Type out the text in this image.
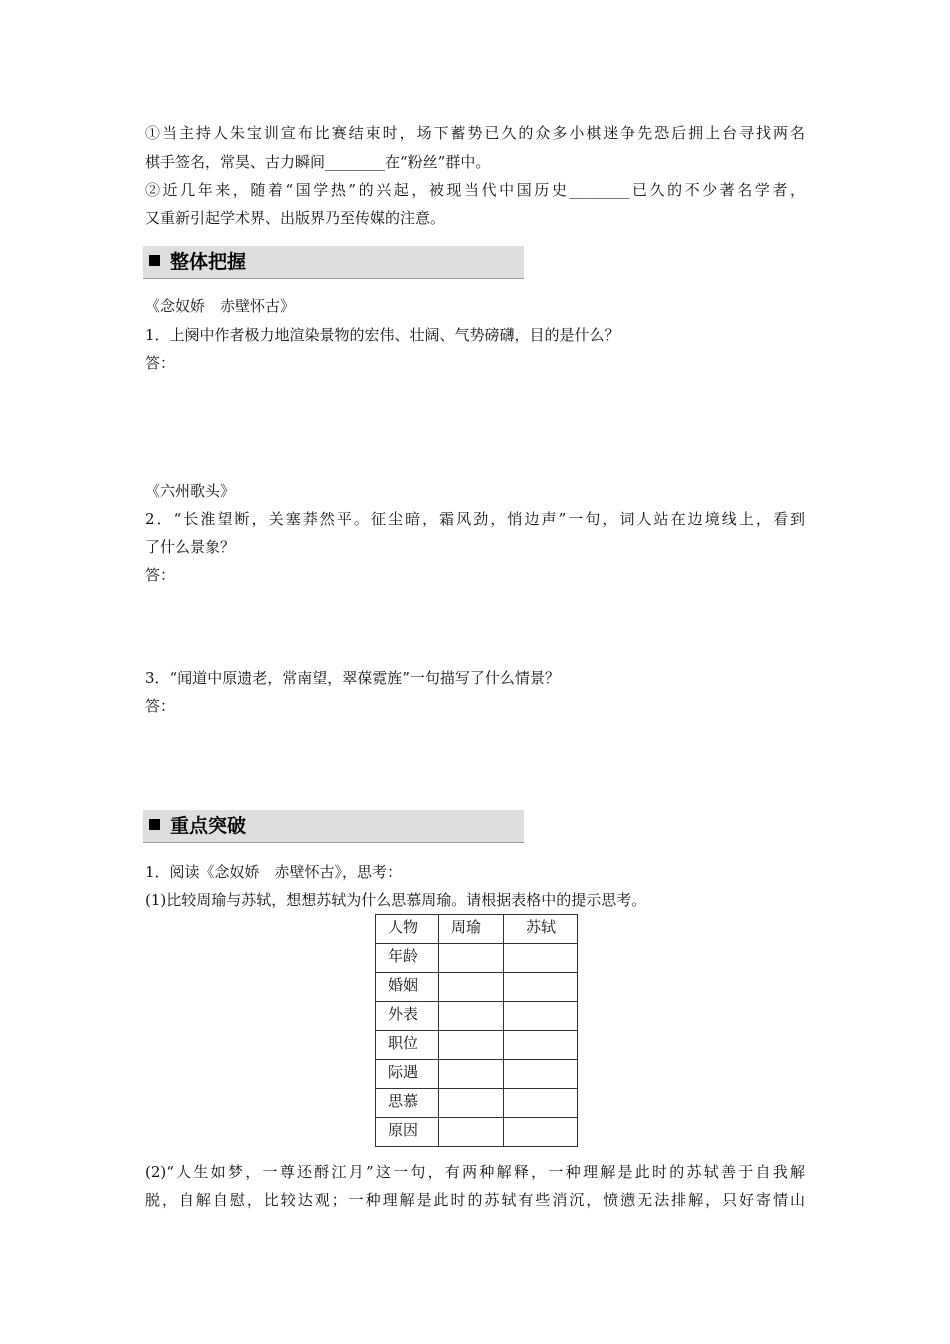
①当主持人朱宝训宣布比赛结束时，场下蓄势已久的众多小棋迷争先恐后拥上台寻找两名
棋手签名，常昊、古力瞬间________在“粉丝”群中。
②近几年来，随着“国学热”的兴起，被现当代中国历史________已久的不少著名学者，
又重新引起学术界、出版界乃至传媒的注意。
整体把握
《念奴娇　赤壁怀古》
1．上阕中作者极力地渲染景物的宏伟、壮阔、气势磅礴，目的是什么？
答：
《六州歌头》
2．“长淮望断，关塞莽然平。征尘暗，霜风劲，悄边声”一句，词人站在边境线上，看到
了什么景象？
答：
3．“闻道中原遗老，常南望，翠葆霓旌”一句描写了什么情景？
答：
重点突破
1．阅读《念奴娇　赤壁怀古》，思考：
(1)比较周瑜与苏轼，想想苏轼为什么思慕周瑜。请根据表格中的提示思考。
人物	周瑜	苏轼
年龄		
婚姻		
外表		
职位		
际遇		
思慕		
原因		
(2)“人生如梦，一尊还酹江月”这一句，有两种解释，一种理解是此时的苏轼善于自我解
脱，自解自慰，比较达观；一种理解是此时的苏轼有些消沉，愤懑无法排解，只好寄情山
